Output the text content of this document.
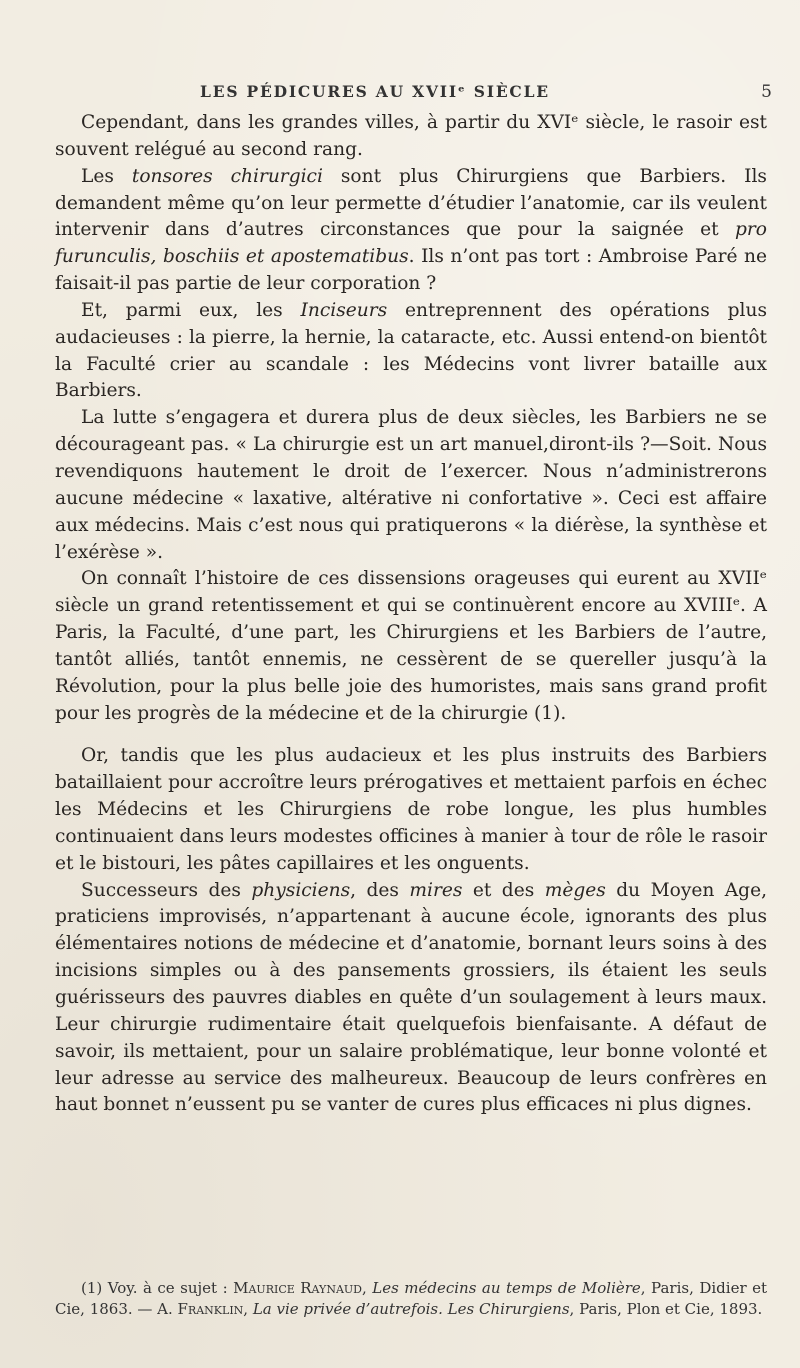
LES PÉDICURES AU XVIIᵉ SIÈCLE	5

Cependant, dans les grandes villes, à partir du XVIᵉ siècle, le rasoir est souvent relégué au second rang.

Les tonsores chirurgici sont plus Chirurgiens que Barbiers. Ils demandent même qu’on leur permette d’étudier l’anatomie, car ils veulent intervenir dans d’autres circonstances que pour la saignée et pro furunculis, boschiis et apostematibus. Ils n’ont pas tort : Ambroise Paré ne faisait-il pas partie de leur corporation ?

Et, parmi eux, les Inciseurs entreprennent des opérations plus audacieuses : la pierre, la hernie, la cataracte, etc. Aussi entend-on bientôt la Faculté crier au scandale : les Médecins vont livrer bataille aux Barbiers.

La lutte s’engagera et durera plus de deux siècles, les Barbiers ne se décourageant pas. « La chirurgie est un art manuel,diront-ils ?—Soit. Nous revendiquons hautement le droit de l’exercer. Nous n’administrerons aucune médecine « laxative, altérative ni confortative ». Ceci est affaire aux médecins. Mais c’est nous qui pratiquerons « la diérèse, la synthèse et l’exérèse ».

On connaît l’histoire de ces dissensions orageuses qui eurent au XVIIᵉ siècle un grand retentissement et qui se continuèrent encore au XVIIIᵉ. A Paris, la Faculté, d’une part, les Chirurgiens et les Barbiers de l’autre, tantôt alliés, tantôt ennemis, ne cessèrent de se quereller jusqu’à la Révolution, pour la plus belle joie des humoristes, mais sans grand profit pour les progrès de la médecine et de la chirurgie (1).

Or, tandis que les plus audacieux et les plus instruits des Barbiers bataillaient pour accroître leurs prérogatives et mettaient parfois en échec les Médecins et les Chirurgiens de robe longue, les plus humbles continuaient dans leurs modestes officines à manier à tour de rôle le rasoir et le bistouri, les pâtes capillaires et les onguents.

Successeurs des physiciens, des mires et des mèges du Moyen Age, praticiens improvisés, n’appartenant à aucune école, ignorants des plus élémentaires notions de médecine et d’anatomie, bornant leurs soins à des incisions simples ou à des pansements grossiers, ils étaient les seuls guérisseurs des pauvres diables en quête d’un soulagement à leurs maux. Leur chirurgie rudimentaire était quelquefois bienfaisante. A défaut de savoir, ils mettaient, pour un salaire problématique, leur bonne volonté et leur adresse au service des malheureux. Beaucoup de leurs confrères en haut bonnet n’eussent pu se vanter de cures plus efficaces ni plus dignes.

(1) Voy. à ce sujet : Maurice Raynaud, Les médecins au temps de Molière, Paris, Didier et Cie, 1863. — A. Franklin, La vie privée d’autrefois. Les Chirurgiens, Paris, Plon et Cie, 1893.
